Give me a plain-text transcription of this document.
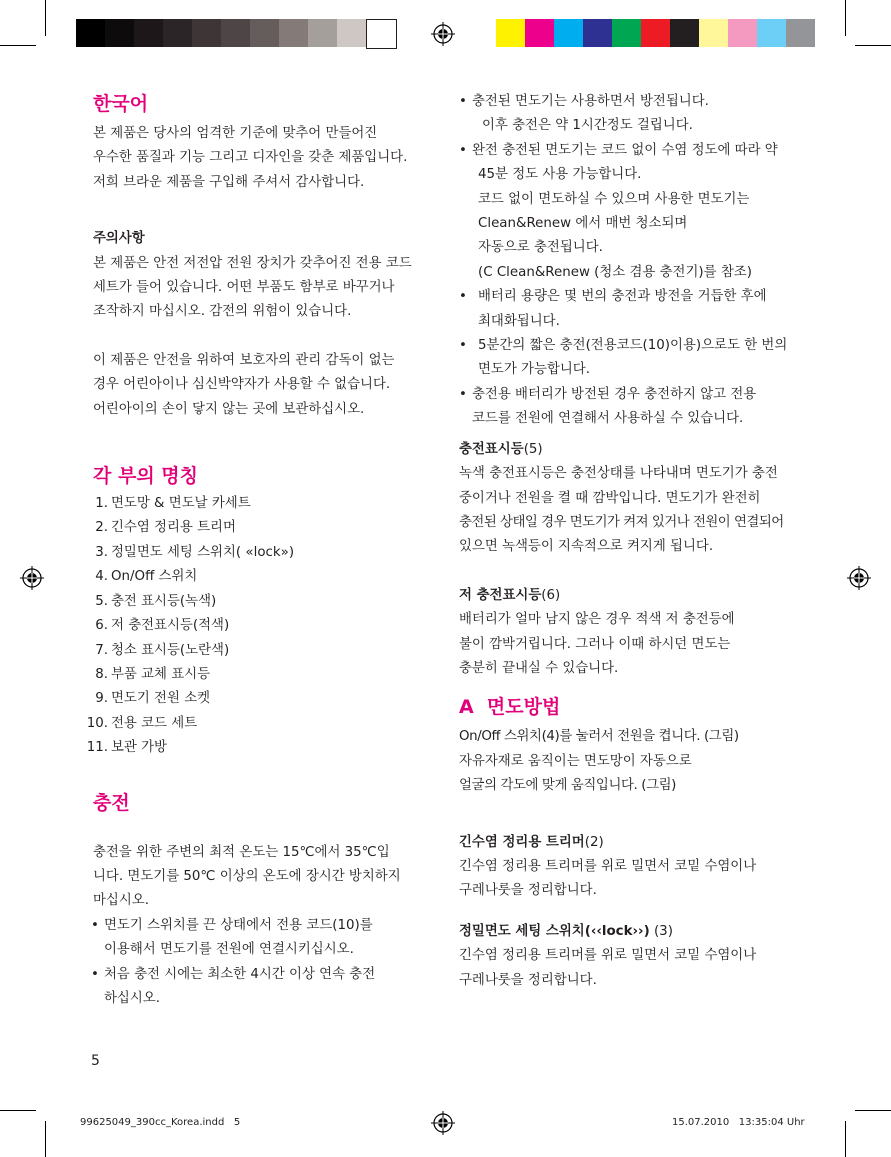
한국어
본 제품은 당사의 엄격한 기준에 맞추어 만들어진
우수한 품질과 기능 그리고 디자인을 갖춘 제품입니다.
저희 브라운 제품을 구입해 주셔서 감사합니다.
주의사항
본 제품은 안전 저전압 전원 장치가 갖추어진 전용 코드
세트가 들어 있습니다. 어떤 부품도 함부로 바꾸거나
조작하지 마십시오. 감전의 위험이 있습니다.
이 제품은 안전을 위하여 보호자의 관리 감독이 없는
경우 어린아이나 심신박약자가 사용할 수 없습니다.
어린아이의 손이 닿지 않는 곳에 보관하십시오.
각 부의 명칭
1. 면도망 & 면도날 카세트
2. 긴수염 정리용 트리머
3. 정밀면도 세팅 스위치( «lock»)
4. On/Off 스위치
5. 충전 표시등(녹색)
6. 저 충전표시등(적색)
7. 청소 표시등(노란색)
8. 부품 교체 표시등
9. 면도기 전원 소켓
10. 전용 코드 세트
11. 보관 가방
충전
충전을 위한 주변의 최적 온도는 15℃에서 35℃입
니다. 면도기를 50℃ 이상의 온도에 장시간 방치하지
마십시오.
• 면도기 스위치를 끈 상태에서 전용 코드(10)를
이용해서 면도기를 전원에 연결시키십시오.
• 처음 충전 시에는 최소한 4시간 이상 연속 충전
하십시오.
5
• 충전된 면도기는 사용하면서 방전됩니다.
이후 충전은 약 1시간정도 걸립니다.
• 완전 충전된 면도기는 코드 없이 수염 정도에 따라 약
45분 정도 사용 가능합니다.
코드 없이 면도하실 수 있으며 사용한 면도기는
Clean&Renew 에서 매번 청소되며
자동으로 충전됩니다.
(C Clean&Renew (청소 겸용 충전기)를 참조)
• 배터리 용량은 몇 번의 충전과 방전을 거듭한 후에
최대화됩니다.
• 5분간의 짧은 충전(전용코드(10)이용)으로도 한 번의
면도가 가능합니다.
• 충전용 배터리가 방전된 경우 충전하지 않고 전용
코드를 전원에 연결해서 사용하실 수 있습니다.
충전표시등(5)
녹색 충전표시등은 충전상태를 나타내며 면도기가 충전
중이거나 전원을 켤 때 깜박입니다. 면도기가 완전히
충전된 상태일 경우 면도기가 켜져 있거나 전원이 연결되어
있으면 녹색등이 지속적으로 켜지게 됩니다.
저 충전표시등(6)
배터리가 얼마 남지 않은 경우 적색 저 충전등에
불이 깜박거립니다. 그러나 이때 하시던 면도는
충분히 끝내실 수 있습니다.
A  면도방법
On/Off 스위치(4)를 눌러서 전원을 켭니다. (그림)
자유자재로 움직이는 면도망이 자동으로
얼굴의 각도에 맞게 움직입니다. (그림)
긴수염 정리용 트리머(2)
긴수염 정리용 트리머를 위로 밀면서 코밑 수염이나
구레나룻을 정리합니다.
정밀면도 세팅 스위치(‹‹lock››) (3)
긴수염 정리용 트리머를 위로 밀면서 코밑 수염이나
구레나룻을 정리합니다.
99625049_390cc_Korea.indd   5	15.07.2010   13:35:04 Uhr
